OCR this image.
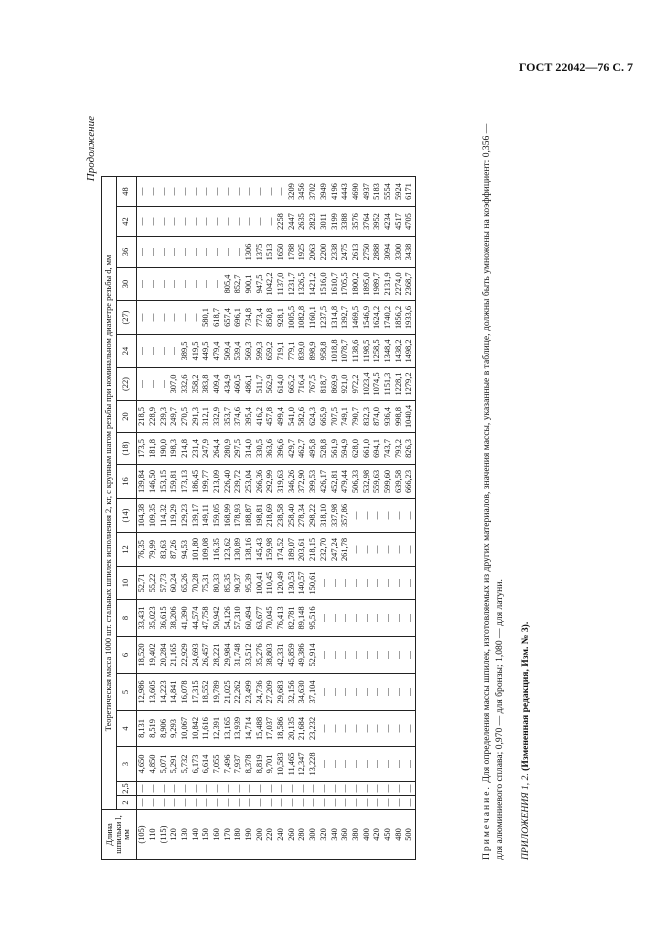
ГОСТ 22042—76 С. 7
Продолжение
Длина шпильки l, мм	Теоретическая масса 1000 шт. стальных шпилек исполнения 2, кг, с крупным шагом резьбы при номинальном диаметре резьбы d, мм																			
	2	2,5	3	4	5	6	8	10	12	(14)	16	(18)	20	(22)	24	(27)	30	36	42	48
(105)	—	—	4,650	8,131	12,986	18,520	33,431	52,71	76,35	104,38	139,84	173,5	218,5	—	—	—	—	—	—	—
110	—	—	4,850	8,519	13,605	19,402	35,023	55,22	79,99	109,35	146,50	181,8	228,9	—	—	—	—	—	—	—
(115)	—	—	5,071	8,906	14,223	20,284	36,615	57,73	83,63	114,32	153,15	190,0	239,3	—	—	—	—	—	—	—
120	—	—	5,291	9,293	14,841	21,165	38,206	60,24	87,26	119,29	159,81	198,3	249,7	307,0	—	—	—	—	—	—
130	—	—	5,732	10,067	16,078	22,929	41,390	65,26	94,53	129,23	173,13	214,8	270,5	332,6	389,5	—	—	—	—	—
140	—	—	6,173	10,842	17,315	24,693	44,574	70,28	101,80	139,17	186,45	231,4	291,3	358,2	419,5	—	—	—	—	—
150	—	—	6,614	11,616	18,552	26,457	47,758	75,31	109,08	149,11	199,77	247,9	312,1	383,8	449,5	580,1	—	—	—	—
160	—	—	7,055	12,391	19,789	28,221	50,942	80,33	116,35	159,05	213,09	264,4	332,9	409,4	479,4	618,7	—	—	—	—
170	—	—	7,496	13,165	21,025	29,984	54,126	85,35	123,62	168,99	226,40	280,9	353,7	434,9	509,4	657,4	805,4	—	—	—
180	—	—	7,937	13,939	22,262	31,748	57,310	90,37	130,89	178,93	239,72	297,5	374,6	460,5	539,4	696,1	852,7	—	—	—
190	—	—	8,378	14,714	23,499	33,512	60,494	95,39	138,16	188,87	253,04	314,0	395,4	486,1	569,3	734,8	900,1	1306	—	—
200	—	—	8,819	15,488	24,736	35,276	63,677	100,41	145,43	198,81	266,36	330,5	416,2	511,7	599,3	773,4	947,5	1375	—	—
220	—	—	9,701	17,037	27,209	38,803	70,045	110,45	159,98	218,69	292,99	363,6	457,8	562,9	659,2	850,8	1042,2	1513	—	—
240	—	—	10,583	18,586	29,683	42,331	76,413	120,49	174,52	238,58	319,63	396,6	499,4	614,0	719,1	928,1	1137,0	1650	2258	—
260	—	—	11,465	20,135	32,156	45,859	82,781	130,53	189,07	258,40	346,26	429,7	541,0	665,2	779,1	1005,5	1231,7	1788	2447	3209
280	—	—	12,347	21,684	34,630	49,386	89,148	140,57	203,61	278,34	372,90	462,7	582,6	716,4	839,0	1082,8	1326,5	1925	2635	3456
300	—	—	13,228	23,232	37,104	52,914	95,516	150,61	218,15	298,22	399,53	495,8	624,3	767,5	898,9	1160,1	1421,2	2063	2823	3702
320	—	—	—	—	—	—	—	—	232,70	318,10	426,17	528,8	665,9	818,7	958,8	1237,5	1516,0	2200	3011	3949
340	—	—	—	—	—	—	—	—	247,24	337,98	452,81	561,9	707,5	869,9	1018,8	1314,8	1610,7	2338	3199	4196
360	—	—	—	—	—	—	—	—	261,78	357,86	479,44	594,9	749,1	921,0	1078,7	1392,7	1705,5	2475	3388	4443
380	—	—	—	—	—	—	—	—	—	—	506,33	628,0	790,7	972,2	1138,6	1469,5	1800,2	2613	3576	4690
400	—	—	—	—	—	—	—	—	—	—	532,98	661,0	832,3	1023,4	1198,5	1546,9	1895,0	2750	3764	4937
420	—	—	—	—	—	—	—	—	—	—	559,63	694,1	874,0	1074,5	1258,5	1624,2	1989,7	2888	3952	5183
450	—	—	—	—	—	—	—	—	—	—	599,60	743,7	936,4	1151,3	1348,4	1740,2	2131,9	3094	4234	5554
480	—	—	—	—	—	—	—	—	—	—	639,58	793,2	998,8	1228,1	1438,2	1856,2	2274,0	3300	4517	5924
500	—	—	—	—	—	—	—	—	—	—	666,23	826,3	1040,4	1279,2	1498,2	1933,6	2368,7	3438	4705	6171
Примечание. Для определения массы шпилек, изготовляемых из других материалов, значения массы, указанные в таблице, должны быть умножены на коэффициент: 0,356 — для алюминиевого сплава; 0,970 — для бронзы; 1,080 — для латуни. ПРИЛОЖЕНИЯ 1, 2. (Измененная редакция, Изм. № 3).
